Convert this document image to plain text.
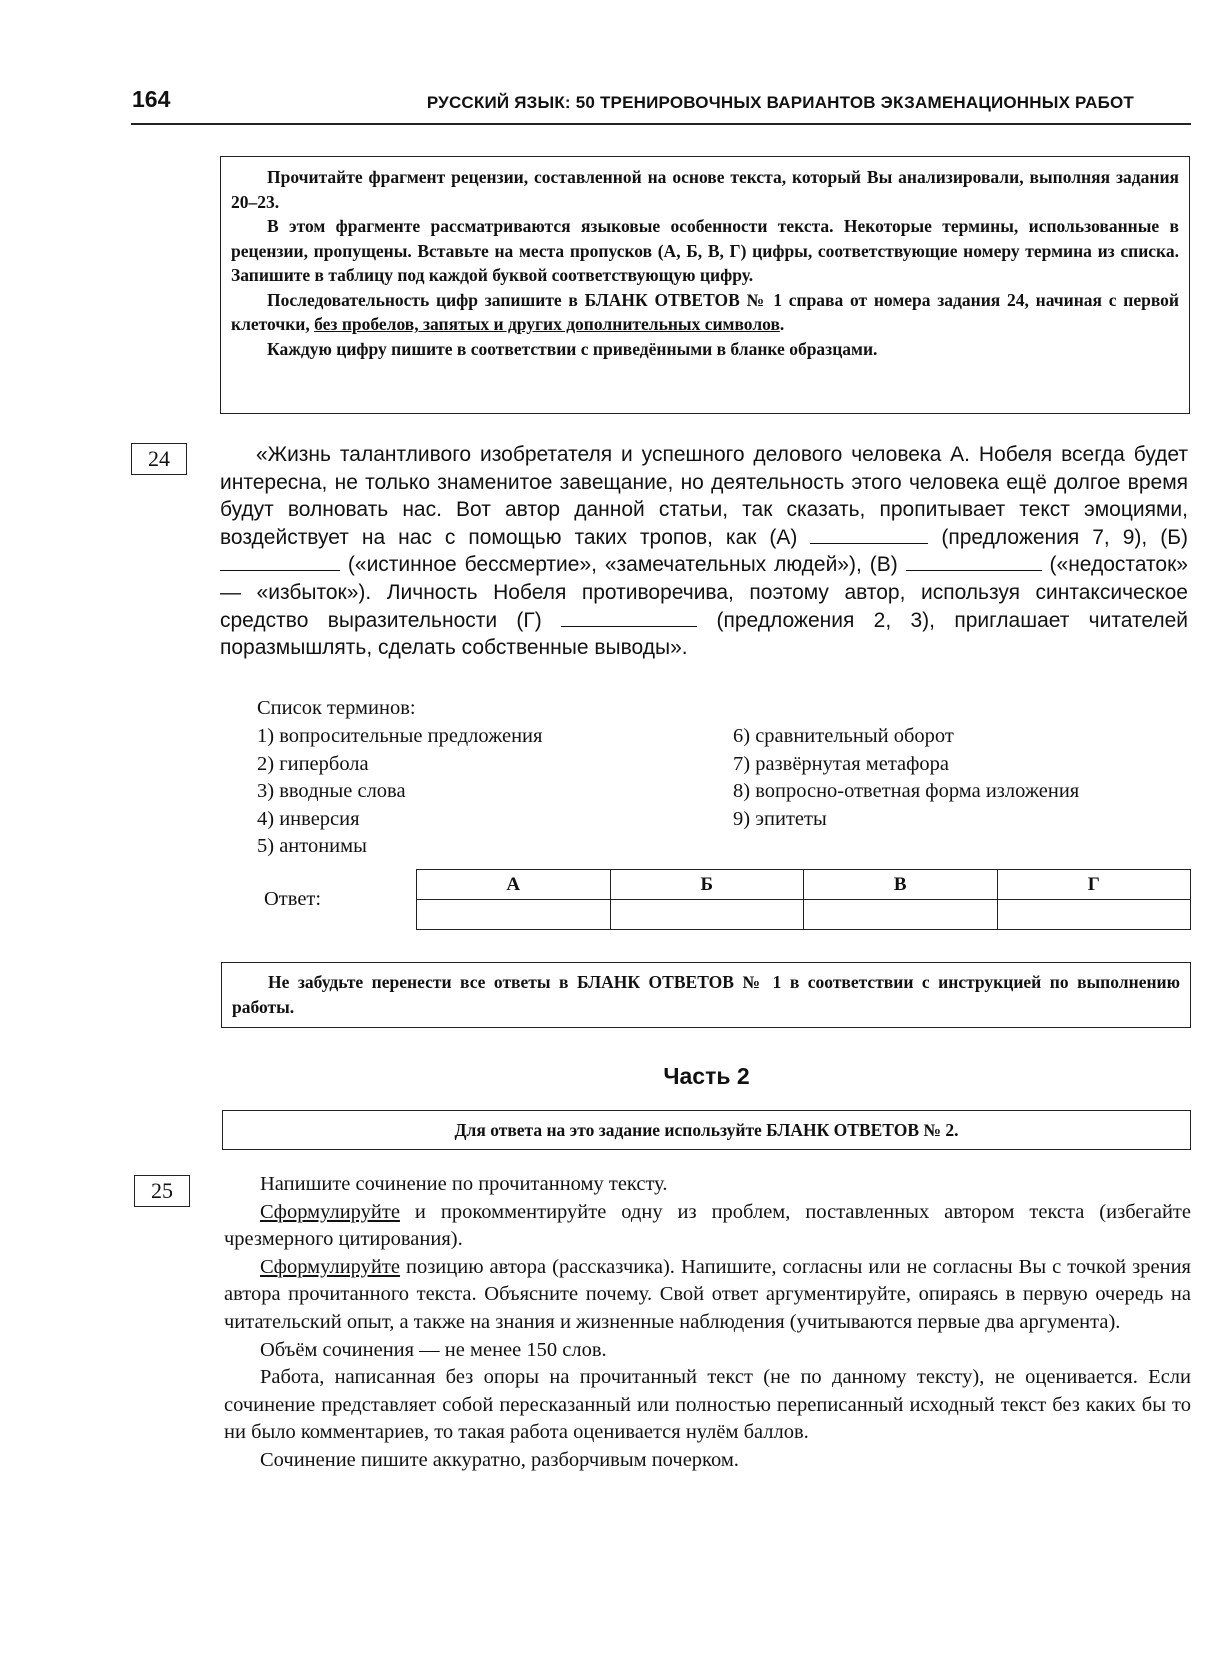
164	РУССКИЙ ЯЗЫК: 50 ТРЕНИРОВОЧНЫХ ВАРИАНТОВ ЭКЗАМЕНАЦИОННЫХ РАБОТ

Прочитайте фрагмент рецензии, составленной на основе текста, который Вы анализировали, выполняя задания 20–23.

В этом фрагменте рассматриваются языковые особенности текста. Некоторые термины, использованные в рецензии, пропущены. Вставьте на места пропусков (А, Б, В, Г) цифры, соответствующие номеру термина из списка. Запишите в таблицу под каждой буквой соответствующую цифру.

Последовательность цифр запишите в БЛАНК ОТВЕТОВ № 1 справа от номера задания 24, начиная с первой клеточки, без пробелов, запятых и других дополнительных символов.

Каждую цифру пишите в соответствии с приведёнными в бланке образцами.

24	«Жизнь талантливого изобретателя и успешного делового человека А. Нобеля всегда будет интересна, не только знаменитое завещание, но деятельность этого человека ещё долгое время будут волновать нас. Вот автор данной статьи, так сказать, пропитывает текст эмоциями, воздействует на нас с помощью таких тропов, как (А)	(предложения 7, 9), (Б)  («истинное бессмертие», «замечательных людей»), (В)	(«недостаток» — «избыток»). Личность Нобеля противоречива, поэтому автор, используя синтаксическое средство выразительности (Г)	(предложения 2, 3), приглашает читателей поразмышлять, сделать собственные выводы».

Список терминов:
1) вопросительные предложения
2) гипербола
3) вводные слова
4) инверсия
5) антонимы
6) сравнительный оборот
7) развёрнутая метафора
8) вопросно-ответная форма изложения
9) эпитеты
Ответ:
А	Б	В	Г

Не забудьте перенести все ответы в БЛАНК ОТВЕТОВ № 1 в соответствии с инструкцией по выполнению работы.

Часть 2

Для ответа на это задание используйте БЛАНК ОТВЕТОВ № 2.

25	Напишите сочинение по прочитанному тексту.

Сформулируйте и прокомментируйте одну из проблем, поставленных автором текста (избегайте чрезмерного цитирования).

Сформулируйте позицию автора (рассказчика). Напишите, согласны или не согласны Вы с точкой зрения автора прочитанного текста. Объясните почему. Свой ответ аргументируйте, опираясь в первую очередь на читательский опыт, а также на знания и жизненные наблюдения (учитываются первые два аргумента).

Объём сочинения — не менее 150 слов.

Работа, написанная без опоры на прочитанный текст (не по данному тексту), не оценивается. Если сочинение представляет собой пересказанный или полностью переписанный исходный текст без каких бы то ни было комментариев, то такая работа оценивается нулём баллов.

Сочинение пишите аккуратно, разборчивым почерком.
